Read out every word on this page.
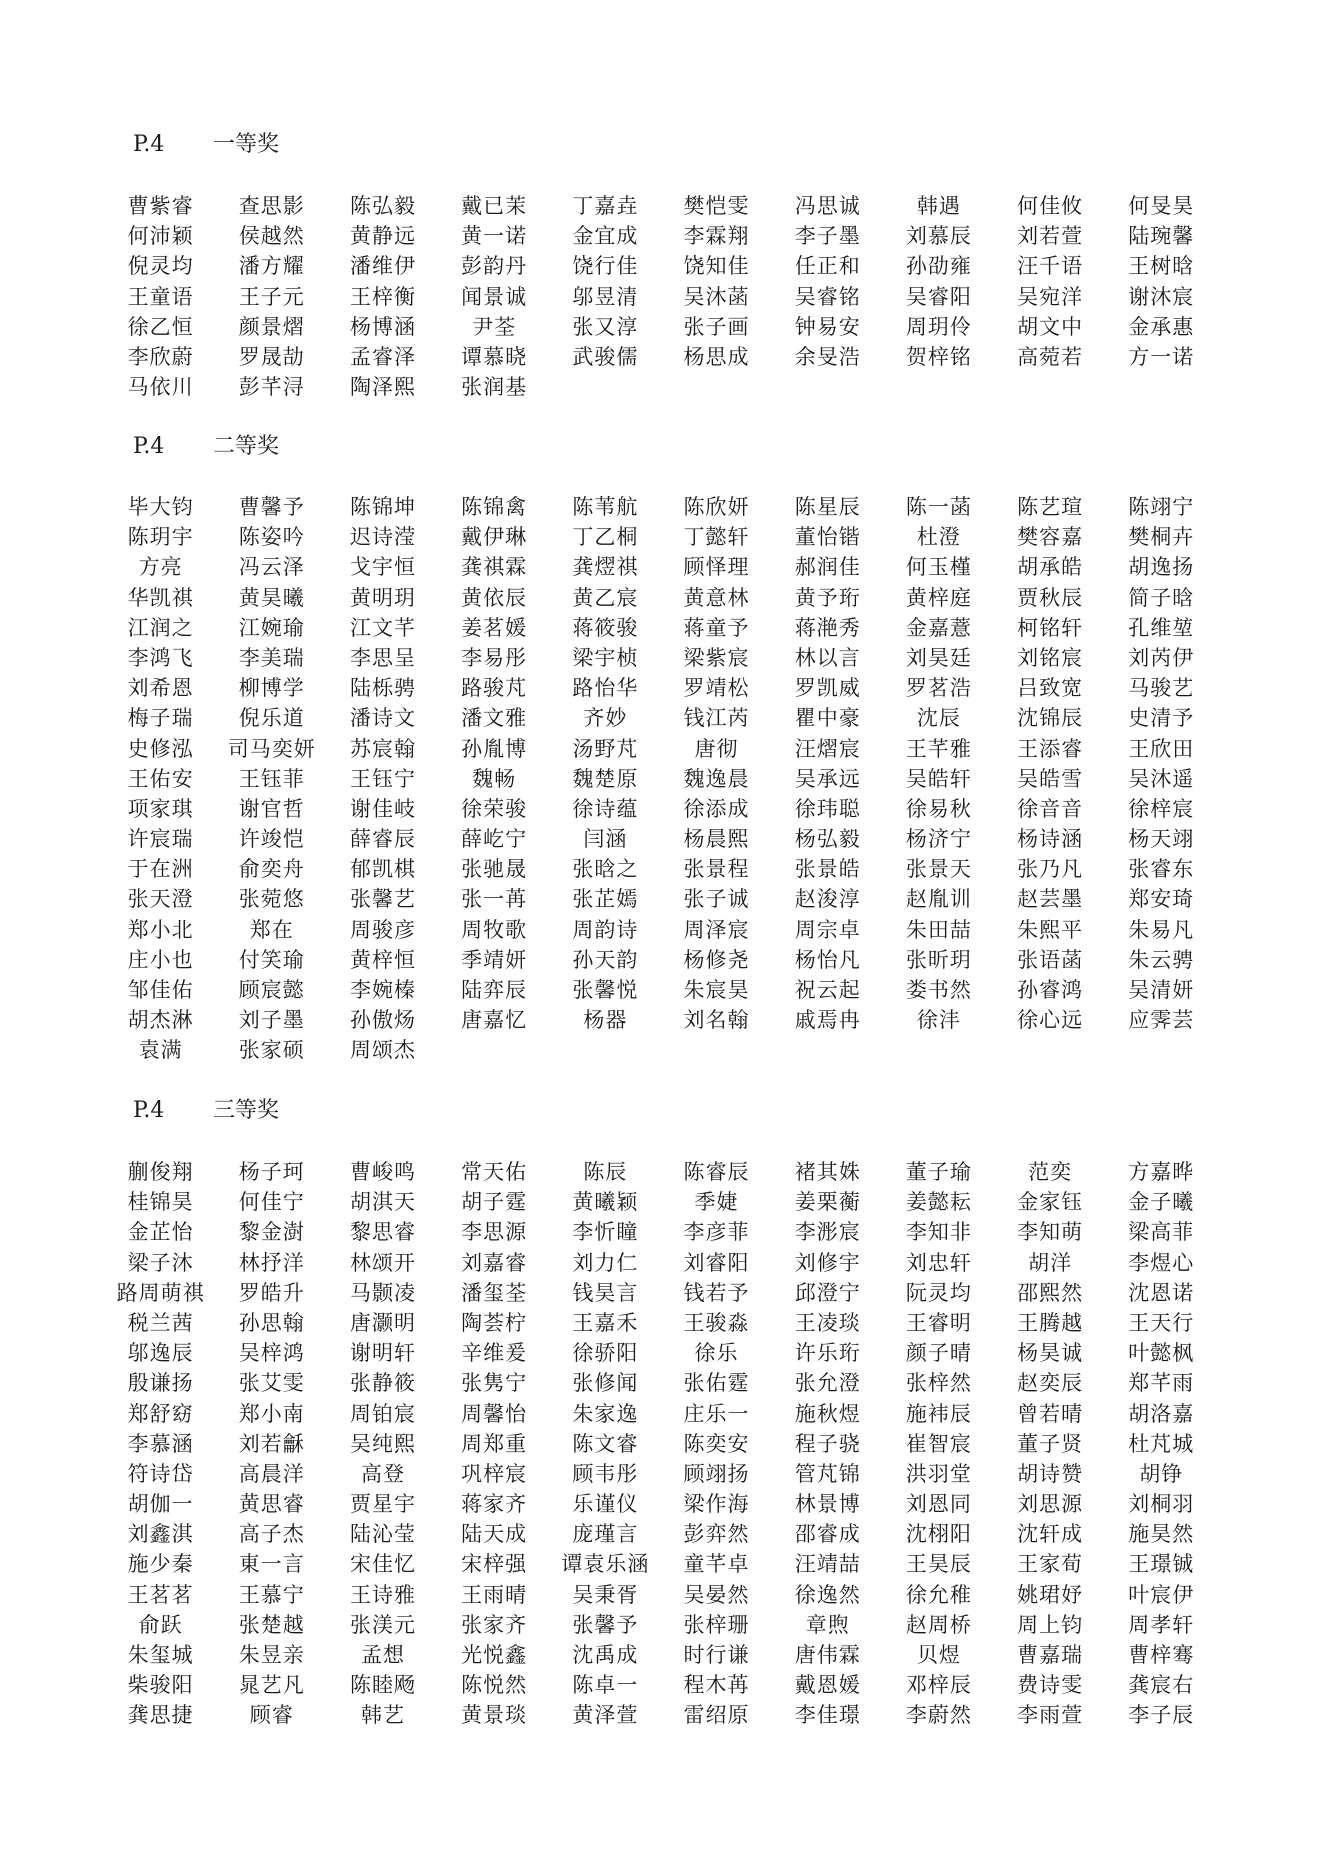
P.4 一等奖
曹紫睿	查思影	陈弘毅	戴已茉	丁嘉垚	樊恺雯	冯思诚	韩遇	何佳攸	何旻昊
何沛颖	侯越然	黄静远	黄一诺	金宜成	李霖翔	李子墨	刘慕辰	刘若萱	陆琬馨
倪灵均	潘方耀	潘维伊	彭韵丹	饶行佳	饶知佳	任正和	孙劭雍	汪千语	王树晗
王童语	王子元	王梓衡	闻景诚	邬昱清	吴沐菡	吴睿铭	吴睿阳	吴宛洋	谢沐宸
徐乙恒	颜景熠	杨博涵	尹荃	张又淳	张子画	钟易安	周玥伶	胡文中	金承惠
李欣蔚	罗晟劼	孟睿泽	谭慕晓	武骏儒	杨思成	余旻浩	贺梓铭	高菀若	方一诺
马依川	彭芊浔	陶泽熙	张润基
P.4 二等奖
毕大钧	曹馨予	陈锦坤	陈锦禽	陈苇航	陈欣妍	陈星辰	陈一菡	陈艺瑄	陈翊宁
陈玥宇	陈姿吟	迟诗滢	戴伊琳	丁乙桐	丁懿轩	董怡锴	杜澄	樊容嘉	樊桐卉
方亮	冯云泽	戈宇恒	龚祺霖	龚熤祺	顾怿理	郝润佳	何玉槿	胡承皓	胡逸扬
华凯祺	黄昊曦	黄明玥	黄依辰	黄乙宸	黄意林	黄予珩	黄梓庭	贾秋辰	简子晗
江润之	江婉瑜	江文芊	姜茗媛	蒋筱骏	蒋童予	蒋滟秀	金嘉薏	柯铭轩	孔维堃
李鸿飞	李美瑞	李思呈	李易彤	梁宇桢	梁紫宸	林以言	刘昊廷	刘铭宸	刘芮伊
刘希恩	柳博学	陆栎骋	路骏芃	路怡华	罗靖松	罗凯威	罗茗浩	吕致宽	马骏艺
梅子瑞	倪乐道	潘诗文	潘文雅	齐妙	钱江芮	瞿中豪	沈辰	沈锦辰	史清予
史修泓	司马奕妍	苏宸翰	孙胤博	汤野芃	唐彻	汪熠宸	王芊雅	王添睿	王欣田
王佑安	王钰菲	王钰宁	魏畅	魏楚原	魏逸晨	吴承远	吴皓轩	吴皓雪	吴沐遥
项家琪	谢官哲	谢佳岐	徐荣骏	徐诗蕴	徐添成	徐玮聪	徐易秋	徐音音	徐梓宸
许宸瑞	许竣恺	薛睿辰	薛屹宁	闫涵	杨晨熙	杨弘毅	杨济宁	杨诗涵	杨天翊
于在洲	俞奕舟	郁凯棋	张驰晟	张晗之	张景程	张景皓	张景天	张乃凡	张睿东
张天澄	张菀悠	张馨艺	张一苒	张芷嫣	张子诚	赵浚淳	赵胤训	赵芸墨	郑安琦
郑小北	郑在	周骏彦	周牧歌	周韵诗	周泽宸	周宗卓	朱田喆	朱熙平	朱易凡
庄小也	付笑瑜	黄梓恒	季靖妍	孙天韵	杨修尧	杨怡凡	张昕玥	张语菡	朱云骋
邹佳佑	顾宸懿	李婉榛	陆弈辰	张馨悦	朱宸昊	祝云起	娄书然	孙睿鸿	吴清妍
胡杰淋	刘子墨	孙傲炀	唐嘉忆	杨器	刘名翰	戚焉冉	徐沣	徐心远	应霁芸
袁满	张家硕	周颂杰
P.4 三等奖
蒯俊翔	杨子珂	曹峻鸣	常天佑	陈辰	陈睿辰	褚其姝	董子瑜	范奕	方嘉晔
桂锦昊	何佳宁	胡淇天	胡子霆	黄曦颖	季婕	姜栗蘅	姜懿耘	金家钰	金子曦
金芷怡	黎金澍	黎思睿	李思源	李忻瞳	李彦菲	李浵宸	李知非	李知萌	梁高菲
梁子沐	林抒洋	林颂开	刘嘉睿	刘力仁	刘睿阳	刘修宇	刘忠轩	胡洋	李煜心
路周萌祺	罗皓升	马颢凌	潘玺荃	钱昊言	钱若予	邱澄宁	阮灵均	邵熙然	沈恩诺
税兰茜	孙思翰	唐灏明	陶荟柠	王嘉禾	王骏淼	王凌琰	王睿明	王腾越	王天行
邬逸辰	吴梓鸿	谢明轩	辛维爰	徐骄阳	徐乐	许乐珩	颜子晴	杨昊诚	叶懿枫
殷谦扬	张艾雯	张静筱	张隽宁	张修闻	张佑霆	张允澄	张梓然	赵奕辰	郑芊雨
郑舒窈	郑小南	周铂宸	周馨怡	朱家逸	庄乐一	施秋煜	施袆辰	曾若晴	胡洛嘉
李慕涵	刘若龢	吴纯熙	周郑重	陈文睿	陈奕安	程子骁	崔智宸	董子贤	杜芃城
符诗岱	高晨洋	高登	巩梓宸	顾韦彤	顾翊扬	管芃锦	洪羽堂	胡诗赞	胡铮
胡伽一	黄思睿	贾星宇	蒋家齐	乐谨仪	梁作海	林景博	刘恩同	刘思源	刘桐羽
刘鑫淇	高子杰	陆沁莹	陆天成	庞瑾言	彭弈然	邵睿成	沈栩阳	沈轩成	施昊然
施少秦	東一言	宋佳忆	宋梓强	谭袁乐涵	童芊卓	汪靖喆	王昊辰	王家荀	王璟铖
王茗茗	王慕宁	王诗雅	王雨晴	吴秉胥	吴晏然	徐逸然	徐允稚	姚珺妤	叶宸伊
俞跃	张楚越	张渼元	张家齐	张馨予	张梓珊	章煦	赵周桥	周上钧	周孝轩
朱玺城	朱昱亲	孟想	光悦鑫	沈禹成	时行谦	唐伟霖	贝煜	曹嘉瑞	曹梓骞
柴骏阳	晁艺凡	陈睦飏	陈悦然	陈卓一	程木苒	戴恩媛	邓梓辰	费诗雯	龚宸右
龚思捷	顾睿	韩艺	黄景琰	黄泽萱	雷绍原	李佳璟	李蔚然	李雨萱	李子辰
